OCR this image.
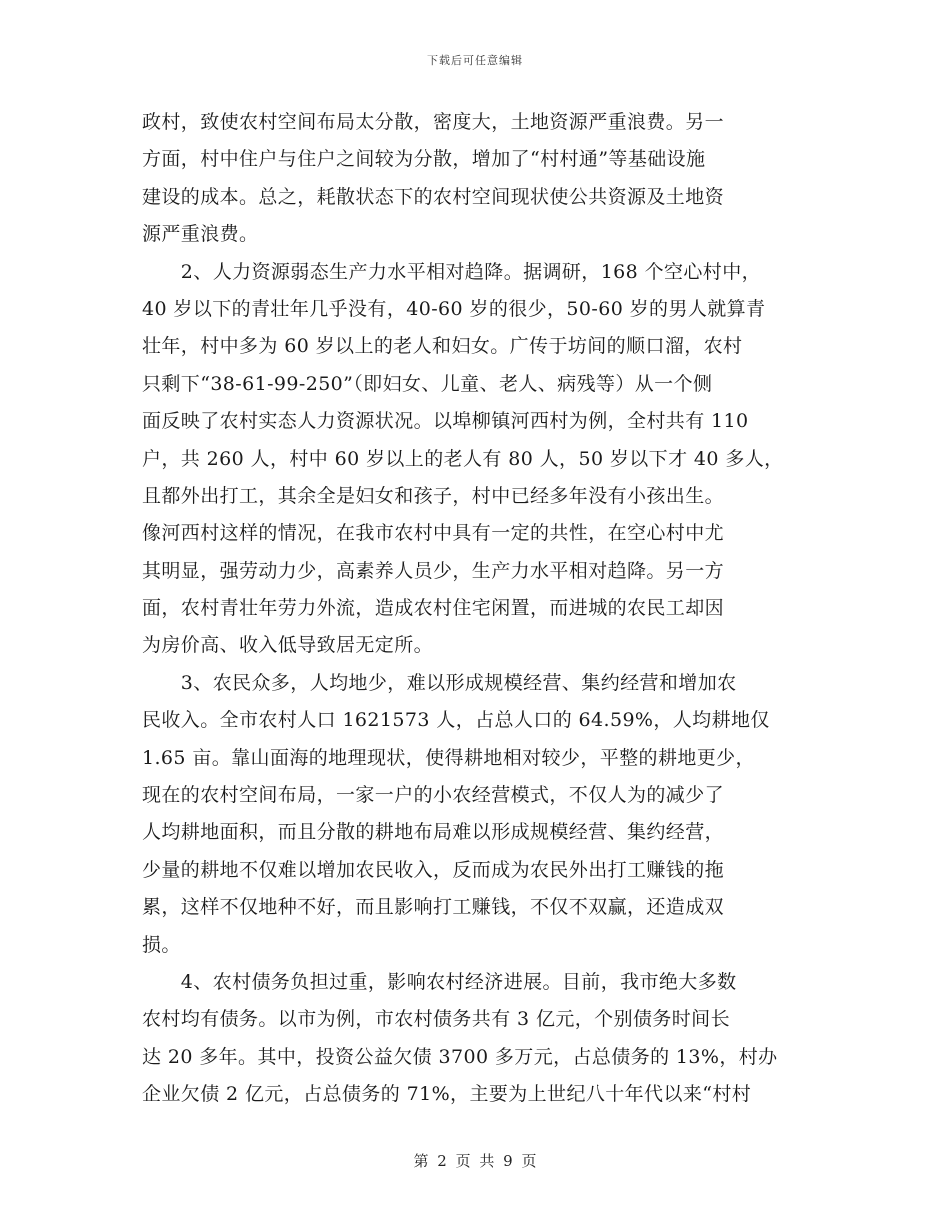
下载后可任意编辑
政村，致使农村空间布局太分散，密度大，土地资源严重浪费。另一
方面，村中住户与住户之间较为分散，增加了“村村通”等基础设施
建设的成本。总之，耗散状态下的农村空间现状使公共资源及土地资
源严重浪费。
　　2、人力资源弱态生产力水平相对趋降。据调研，168 个空心村中，
40 岁以下的青壮年几乎没有，40-60 岁的很少，50-60 岁的男人就算青
壮年，村中多为 60 岁以上的老人和妇女。广传于坊间的顺口溜，农村
只剩下“38-61-99-250”（即妇女、儿童、老人、病残等）从一个侧
面反映了农村实态人力资源状况。以埠柳镇河西村为例，全村共有 110
户，共 260 人，村中 60 岁以上的老人有 80 人，50 岁以下才 40 多人，
且都外出打工，其余全是妇女和孩子，村中已经多年没有小孩出生。
像河西村这样的情况，在我市农村中具有一定的共性，在空心村中尤
其明显，强劳动力少，高素养人员少，生产力水平相对趋降。另一方
面，农村青壮年劳力外流，造成农村住宅闲置，而进城的农民工却因
为房价高、收入低导致居无定所。
　　3、农民众多，人均地少，难以形成规模经营、集约经营和增加农
民收入。全市农村人口 1621573 人，占总人口的 64.59%，人均耕地仅
1.65 亩。靠山面海的地理现状，使得耕地相对较少，平整的耕地更少，
现在的农村空间布局，一家一户的小农经营模式，不仅人为的减少了
人均耕地面积，而且分散的耕地布局难以形成规模经营、集约经营，
少量的耕地不仅难以增加农民收入，反而成为农民外出打工赚钱的拖
累，这样不仅地种不好，而且影响打工赚钱，不仅不双赢，还造成双
损。
　　4、农村债务负担过重，影响农村经济进展。目前，我市绝大多数
农村均有债务。以市为例，市农村债务共有 3 亿元，个别债务时间长
达 20 多年。其中，投资公益欠债 3700 多万元，占总债务的 13%，村办
企业欠债 2 亿元，占总债务的 71%，主要为上世纪八十年代以来“村村
第 2 页 共 9 页
